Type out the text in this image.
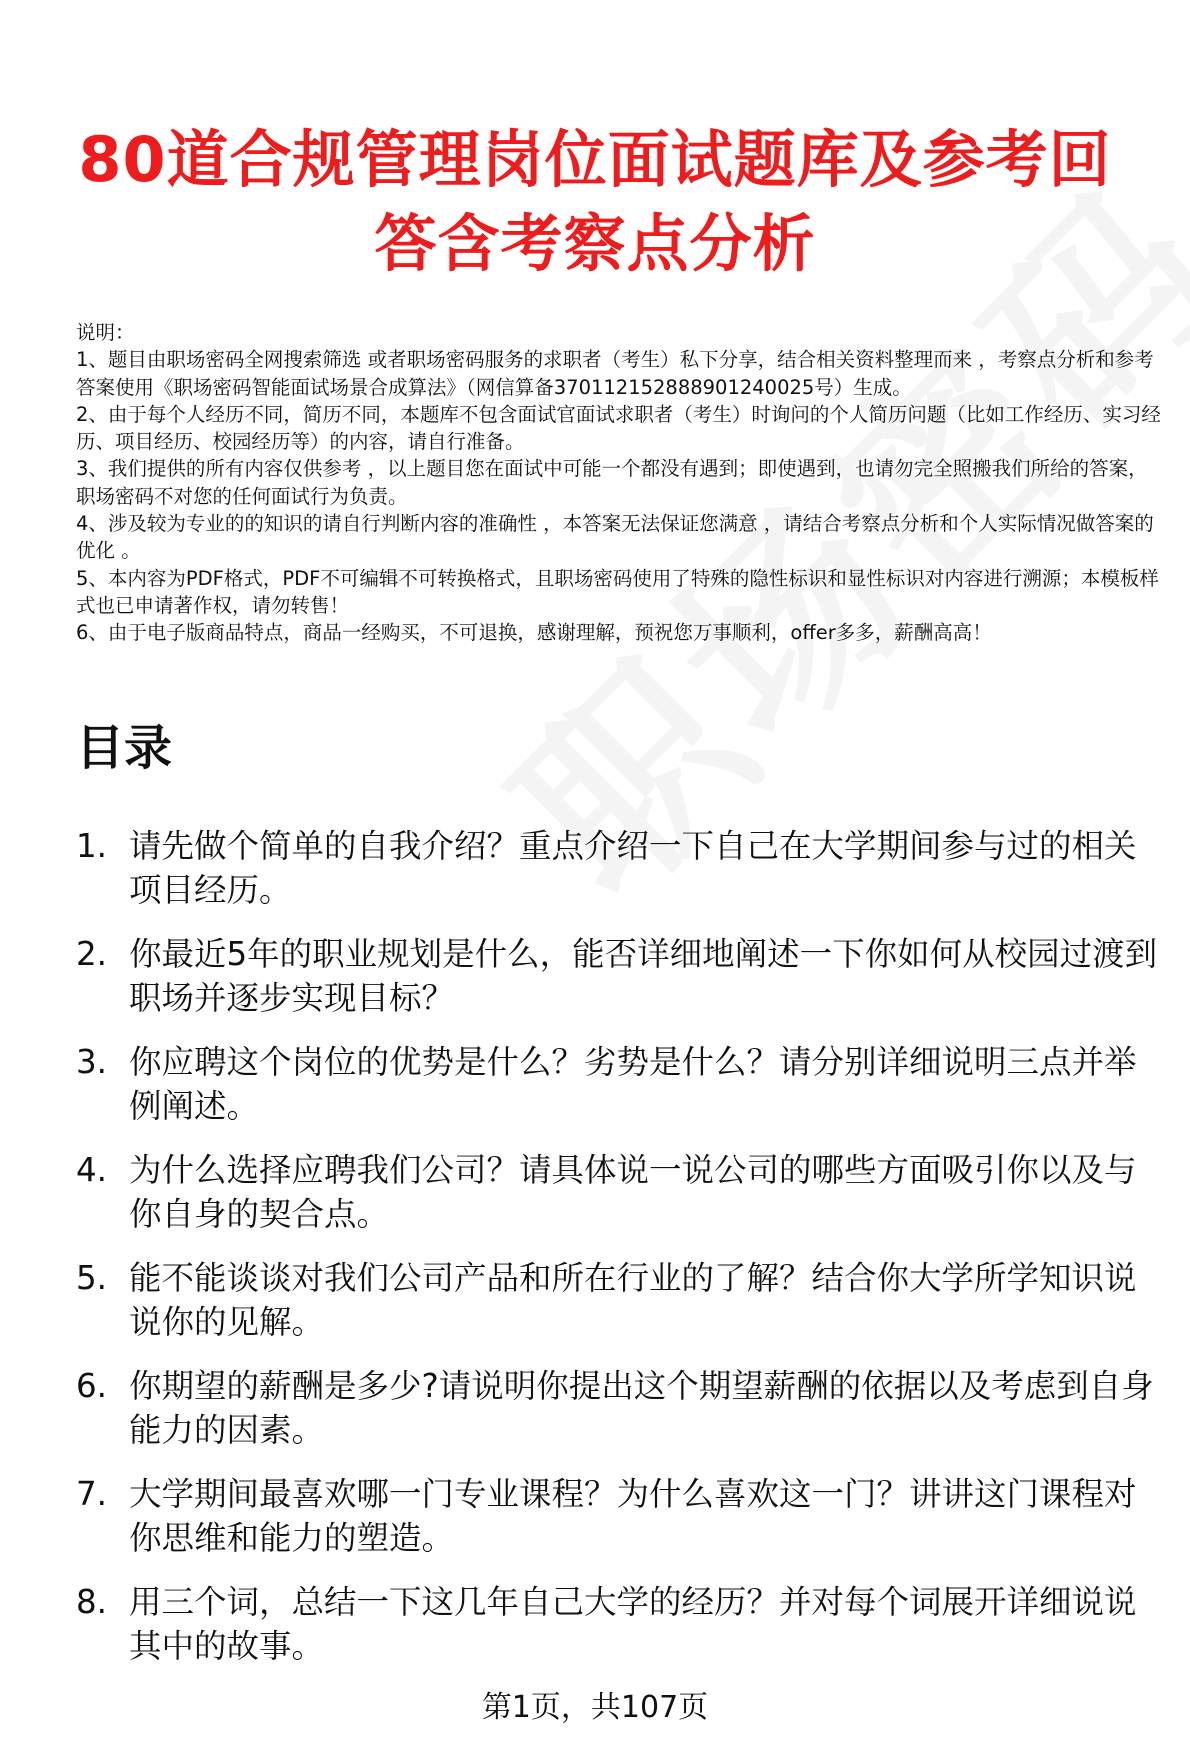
80道合规管理岗位面试题库及参考回答含考察点分析

说明：

1、题目由职场密码全网搜索筛选 或者职场密码服务的求职者（考生）私下分享，结合相关资料整理而来 ，考察点分析和参考答案使用《职场密码智能面试场景合成算法》（网信算备370112152888901240025号）生成。

2、由于每个人经历不同，简历不同，本题库不包含面试官面试求职者（考生）时询问的个人简历问题（比如工作经历、实习经历、项目经历、校园经历等）的内容，请自行准备。

3、我们提供的所有内容仅供参考 ，以上题目您在面试中可能一个都没有遇到；即使遇到，也请勿完全照搬我们所给的答案，职场密码不对您的任何面试行为负责。

4、涉及较为专业的的知识的请自行判断内容的准确性 ，本答案无法保证您满意 ，请结合考察点分析和个人实际情况做答案的优化 。

5、本内容为PDF格式，PDF不可编辑不可转换格式，且职场密码使用了特殊的隐性标识和显性标识对内容进行溯源；本模板样式也已申请著作权，请勿转售！

6、由于电子版商品特点，商品一经购买，不可退换，感谢理解，预祝您万事顺利，offer多多，薪酬高高！

目录
1. 请先做个简单的自我介绍？重点介绍一下自己在大学期间参与过的相关项目经历。
2. 你最近5年的职业规划是什么，能否详细地阐述一下你如何从校园过渡到职场并逐步实现目标？
3. 你应聘这个岗位的优势是什么？劣势是什么？请分别详细说明三点并举例阐述。
4. 为什么选择应聘我们公司？请具体说一说公司的哪些方面吸引你以及与你自身的契合点。
5. 能不能谈谈对我们公司产品和所在行业的了解？结合你大学所学知识说说你的见解。
6. 你期望的薪酬是多少?请说明你提出这个期望薪酬的依据以及考虑到自身能力的因素。
7. 大学期间最喜欢哪一门专业课程？为什么喜欢这一门？讲讲这门课程对你思维和能力的塑造。
8. 用三个词，总结一下这几年自己大学的经历？并对每个词展开详细说说其中的故事。
第1页，共107页
